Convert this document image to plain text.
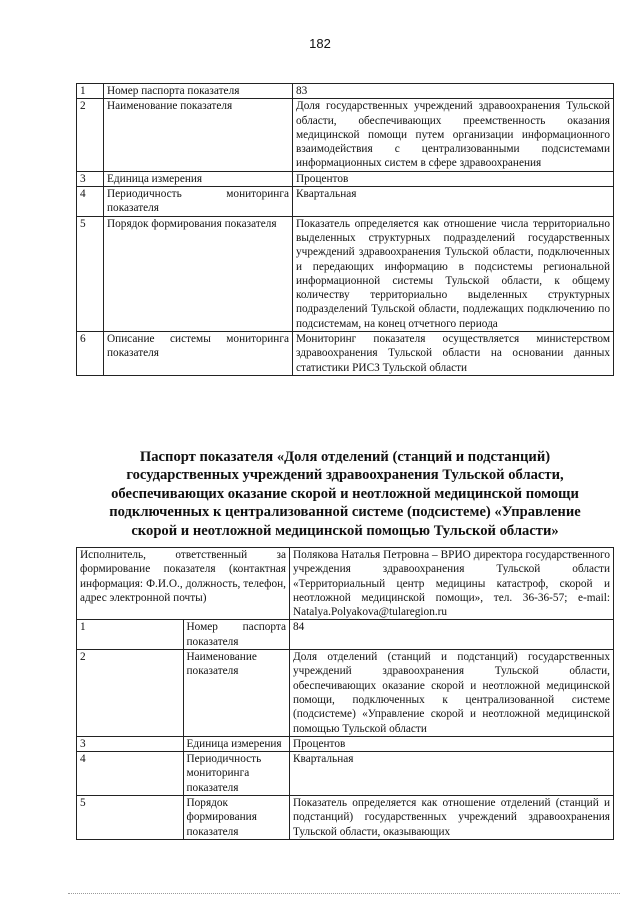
182
1	Номер паспорта показателя	83
2	Наименование показателя	Доля государственных учреждений здравоохранения Тульской области, обеспечивающих преемственность оказания медицинской помощи путем организации информационного взаимодействия с централизованными подсистемами информационных систем в сфере здравоохранения
3	Единица измерения	Процентов
4	Периодичность мониторинга показателя	Квартальная
5	Порядок формирования показателя	Показатель определяется как отношение числа территориально выделенных структурных подразделений государственных учреждений здравоохранения Тульской области, подключенных и передающих информацию в подсистемы региональной информационной системы Тульской области, к общему количеству территориально выделенных структурных подразделений Тульской области, подлежащих подключению по подсистемам, на конец отчетного периода
6	Описание системы мониторинга показателя	Мониторинг показателя осуществляется министерством здравоохранения Тульской области на основании данных статистики РИСЗ Тульской области
Паспорт показателя «Доля отделений (станций и подстанций)
государственных учреждений здравоохранения Тульской области,
обеспечивающих оказание скорой и неотложной медицинской помощи
подключенных к централизованной системе (подсистеме) «Управление
скорой и неотложной медицинской помощью Тульской области»
Исполнитель, ответственный за формирование показателя (контактная информация: Ф.И.О., должность, телефон, адрес электронной почты)		Полякова Наталья Петровна – ВРИО директора государственного учреждения здравоохранения Тульской области «Территориальный центр медицины катастроф, скорой и неотложной медицинской помощи», тел. 36-36-57; e-mail: Natalya.Polyakova@tularegion.ru
1	Номер паспорта показателя	84
2	Наименование показателя	Доля отделений (станций и подстанций) государственных учреждений здравоохранения Тульской области, обеспечивающих оказание скорой и неотложной медицинской помощи, подключенных к централизованной системе (подсистеме) «Управление скорой и неотложной медицинской помощью Тульской области
3	Единица измерения	Процентов
4	Периодичность мониторинга показателя	Квартальная
5	Порядок формирования показателя	Показатель определяется как отношение отделений (станций и подстанций) государственных учреждений здравоохранения Тульской области, оказывающих
